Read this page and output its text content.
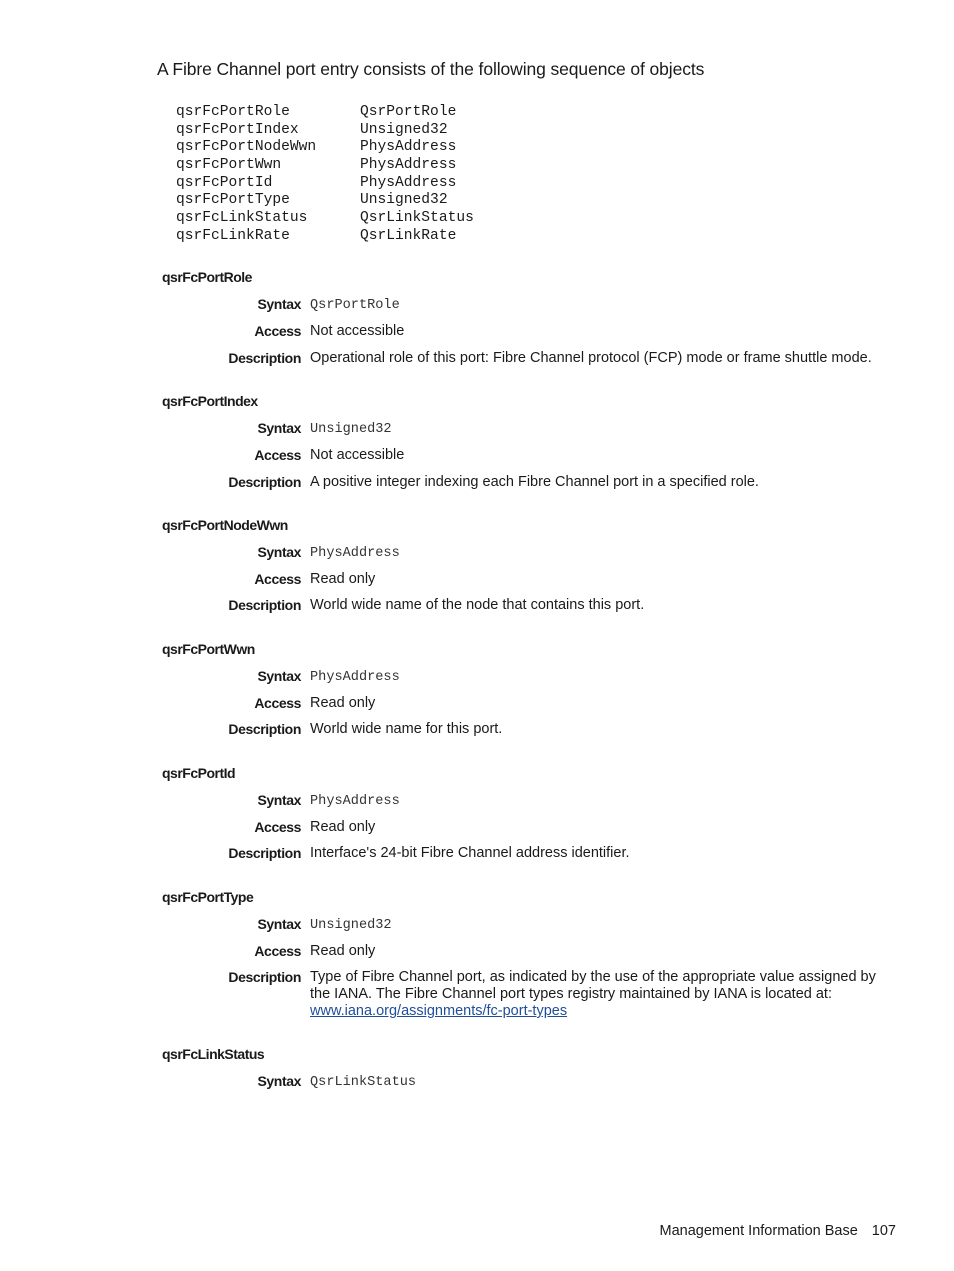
A Fibre Channel port entry consists of the following sequence of objects

qsrFcPortRole	QsrPortRole
qsrFcPortIndex	Unsigned32
qsrFcPortNodeWwn	PhysAddress
qsrFcPortWwn	PhysAddress
qsrFcPortId	PhysAddress
qsrFcPortType	Unsigned32
qsrFcLinkStatus	QsrLinkStatus
qsrFcLinkRate	QsrLinkRate
qsrFcPortRole
Syntax QsrPortRole
Access Not accessible
Description Operational role of this port: Fibre Channel protocol (FCP) mode or frame shuttle mode.
qsrFcPortIndex
Syntax Unsigned32
Access Not accessible
Description A positive integer indexing each Fibre Channel port in a specified role.
qsrFcPortNodeWwn
Syntax PhysAddress
Access Read only
Description World wide name of the node that contains this port.
qsrFcPortWwn
Syntax PhysAddress
Access Read only
Description World wide name for this port.
qsrFcPortId
Syntax PhysAddress
Access Read only
Description Interface's 24-bit Fibre Channel address identifier.
qsrFcPortType
Syntax Unsigned32
Access Read only
Description Type of Fibre Channel port, as indicated by the use of the appropriate value assigned by the IANA. The Fibre Channel port types registry maintained by IANA is located at: www.iana.org/assignments/fc-port-types
qsrFcLinkStatus
Syntax QsrLinkStatus
Management Information Base 107
